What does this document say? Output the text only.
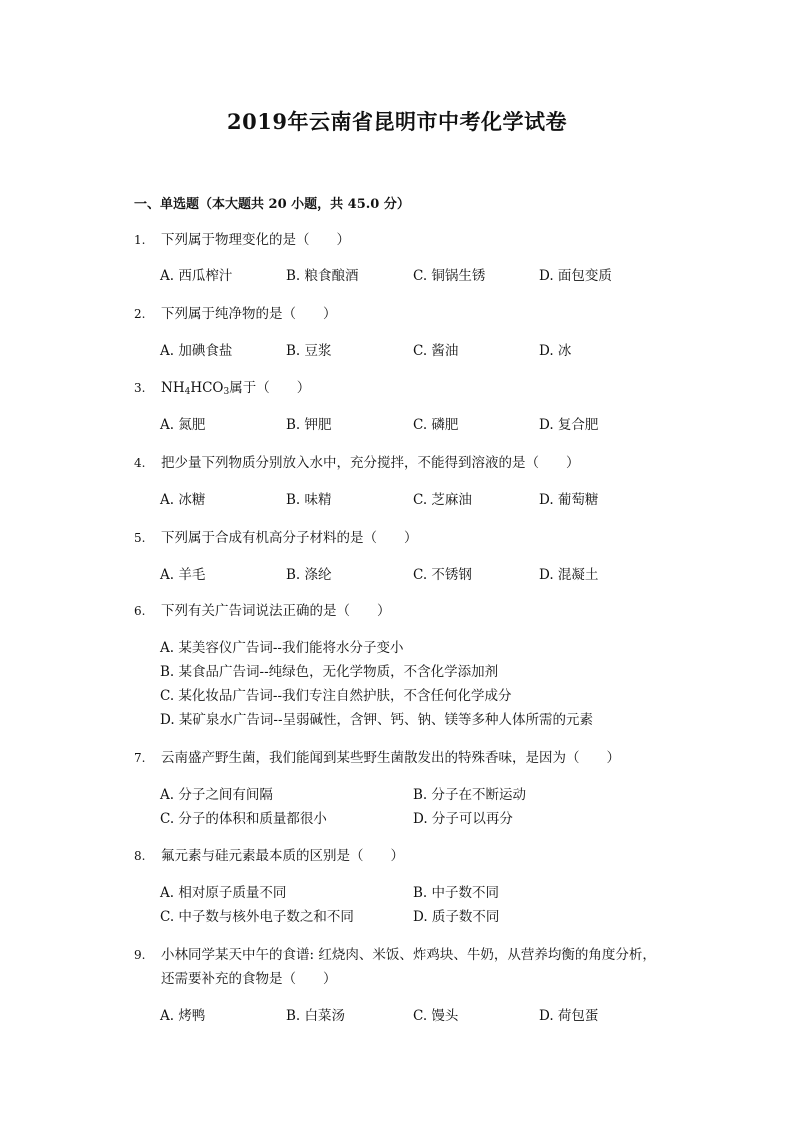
2019年云南省昆明市中考化学试卷
一、单选题（本大题共 20 小题，共 45.0 分）
1. 下列属于物理变化的是（　　）
A. 西瓜榨汁	B. 粮食酿酒	C. 铜锅生锈	D. 面包变质
2. 下列属于纯净物的是（　　）
A. 加碘食盐	B. 豆浆	C. 酱油	D. 冰
3. $NH_4HCO_3$属于（　　）
A. 氮肥	B. 钾肥	C. 磷肥	D. 复合肥
4. 把少量下列物质分别放入水中，充分搅拌，不能得到溶液的是（　　）
A. 冰糖	B. 味精	C. 芝麻油	D. 葡萄糖
5. 下列属于合成有机高分子材料的是（　　）
A. 羊毛	B. 涤纶	C. 不锈钢	D. 混凝土
6. 下列有关广告词说法正确的是（　　）
A. 某美容仪广告词--我们能将水分子变小
B. 某食品广告词--纯绿色，无化学物质，不含化学添加剂
C. 某化妆品广告词--我们专注自然护肤，不含任何化学成分
D. 某矿泉水广告词--呈弱碱性，含钾、钙、钠、镁等多种人体所需的元素
7. 云南盛产野生菌，我们能闻到某些野生菌散发出的特殊香味，是因为（　　）
A. 分子之间有间隔	B. 分子在不断运动
C. 分子的体积和质量都很小	D. 分子可以再分
8. 氟元素与硅元素最本质的区别是（　　）
A. 相对原子质量不同	B. 中子数不同
C. 中子数与核外电子数之和不同	D. 质子数不同
9. 小林同学某天中午的食谱: 红烧肉、米饭、炸鸡块、牛奶，从营养均衡的角度分析，
还需要补充的食物是（　　）
A. 烤鸭	B. 白菜汤	C. 馒头	D. 荷包蛋
